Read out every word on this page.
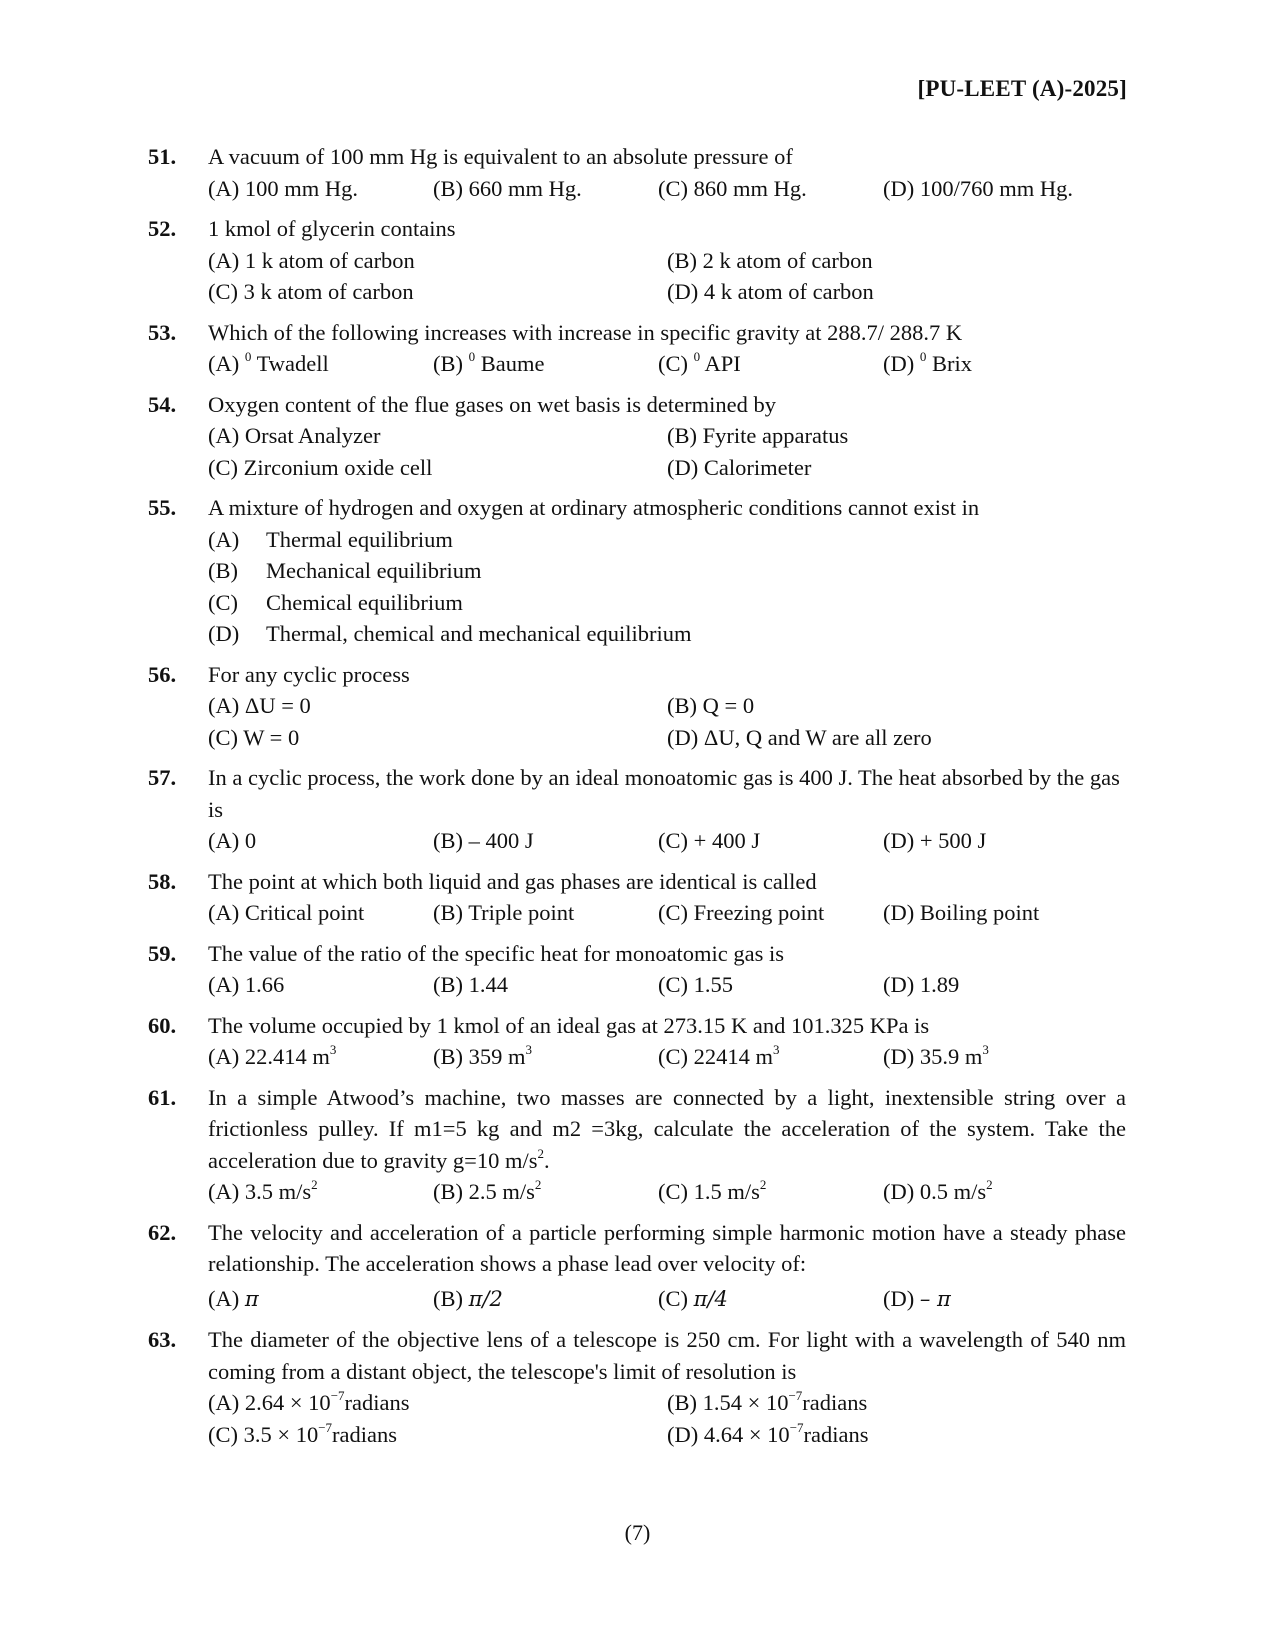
[PU-LEET (A)-2025]
51.	A vacuum of 100 mm Hg is equivalent to an absolute pressure of
(A) 100 mm Hg.	(B) 660 mm Hg.	(C) 860 mm Hg.	(D) 100/760 mm Hg.
52.	1 kmol of glycerin contains
(A) 1 k atom of carbon	(B) 2 k atom of carbon
(C) 3 k atom of carbon	(D) 4 k atom of carbon
53.	Which of the following increases with increase in specific gravity at 288.7/ 288.7 K
(A) $^0$ Twadell	(B) $^0$ Baume	(C) $^0$ API	(D) $^0$ Brix
54.	Oxygen content of the flue gases on wet basis is determined by
(A) Orsat Analyzer	(B) Fyrite apparatus
(C) Zirconium oxide cell	(D) Calorimeter
55.	A mixture of hydrogen and oxygen at ordinary atmospheric conditions cannot exist in
(A) Thermal equilibrium
(B) Mechanical equilibrium
(C) Chemical equilibrium
(D) Thermal, chemical and mechanical equilibrium
56.	For any cyclic process
(A) ΔU = 0	(B) Q = 0
(C) W = 0	(D) ΔU, Q and W are all zero
57.	In a cyclic process, the work done by an ideal monoatomic gas is 400 J. The heat absorbed by the gas is
(A) 0	(B) – 400 J	(C) + 400 J	(D) + 500 J
58.	The point at which both liquid and gas phases are identical is called
(A) Critical point	(B) Triple point	(C) Freezing point	(D) Boiling point
59.	The value of the ratio of the specific heat for monoatomic gas is
(A) 1.66	(B) 1.44	(C) 1.55	(D) 1.89
60.	The volume occupied by 1 kmol of an ideal gas at 273.15 K and 101.325 KPa is
(A) 22.414 $m^3$	(B) 359 $m^3$	(C) 22414 $m^3$	(D) 35.9 $m^3$
61.	In a simple Atwood’s machine, two masses are connected by a light, inextensible string over a frictionless pulley. If m1=5 kg and m2 =3kg, calculate the acceleration of the system. Take the acceleration due to gravity g=10 $m/s^2$.
(A) 3.5 $m/s^2$	(B) 2.5 $m/s^2$	(C) 1.5 $m/s^2$	(D) 0.5 $m/s^2$
62.	The velocity and acceleration of a particle performing simple harmonic motion have a steady phase relationship. The acceleration shows a phase lead over velocity of:
(A) π	(B) π/2	(C) π/4	(D) – π
63.	The diameter of the objective lens of a telescope is 250 cm. For light with a wavelength of 540 nm coming from a distant object, the telescope's limit of resolution is
(A) $2.64 \times 10^{-7}radians$	(B) $1.54 \times 10^{-7}radians$
(C) $3.5 \times 10^{-7}radians$	(D) $4.64 \times 10^{-7}radians$
(7)
